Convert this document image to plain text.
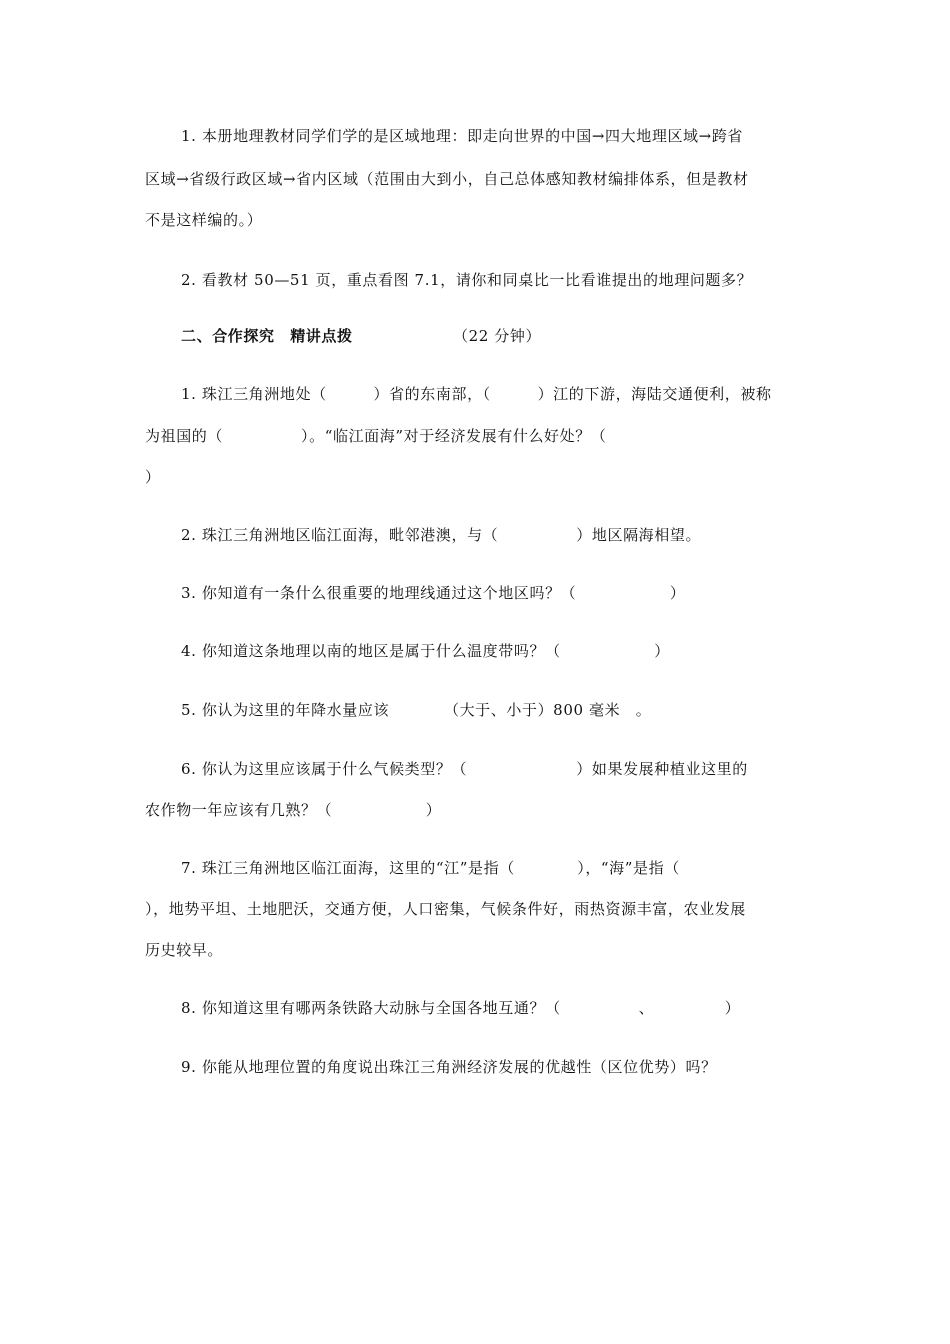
1. 本册地理教材同学们学的是区域地理：即走向世界的中国→四大地理区域→跨省
区域→省级行政区域→省内区域（范围由大到小，自己总体感知教材编排体系，但是教材
不是这样编的。）
2. 看教材 50—51 页，重点看图 7.1，请你和同桌比一比看谁提出的地理问题多？
二、合作探究　精讲点拨	（22 分钟）
1. 珠江三角洲地处（　　　）省的东南部，（　　　）江的下游，海陆交通便利，被称
为祖国的（　　　　　）。“临江面海”对于经济发展有什么好处？（
）
2. 珠江三角洲地区临江面海，毗邻港澳，与（　　　　　）地区隔海相望。
3. 你知道有一条什么很重要的地理线通过这个地区吗？（　　　　　　）
4. 你知道这条地理以南的地区是属于什么温度带吗？（　　　　　　）
5. 你认为这里的年降水量应该　　　　（大于、小于）800 毫米　。
6. 你认为这里应该属于什么气候类型？（　　　　　　　）如果发展种植业这里的
农作物一年应该有几熟？（　　　　　　）
7. 珠江三角洲地区临江面海，这里的“江”是指（　　　　），“海”是指（
），地势平坦、土地肥沃，交通方便，人口密集，气候条件好，雨热资源丰富，农业发展
历史较早。
8. 你知道这里有哪两条铁路大动脉与全国各地互通？（　　　　　、　　　　　）
9. 你能从地理位置的角度说出珠江三角洲经济发展的优越性（区位优势）吗？
